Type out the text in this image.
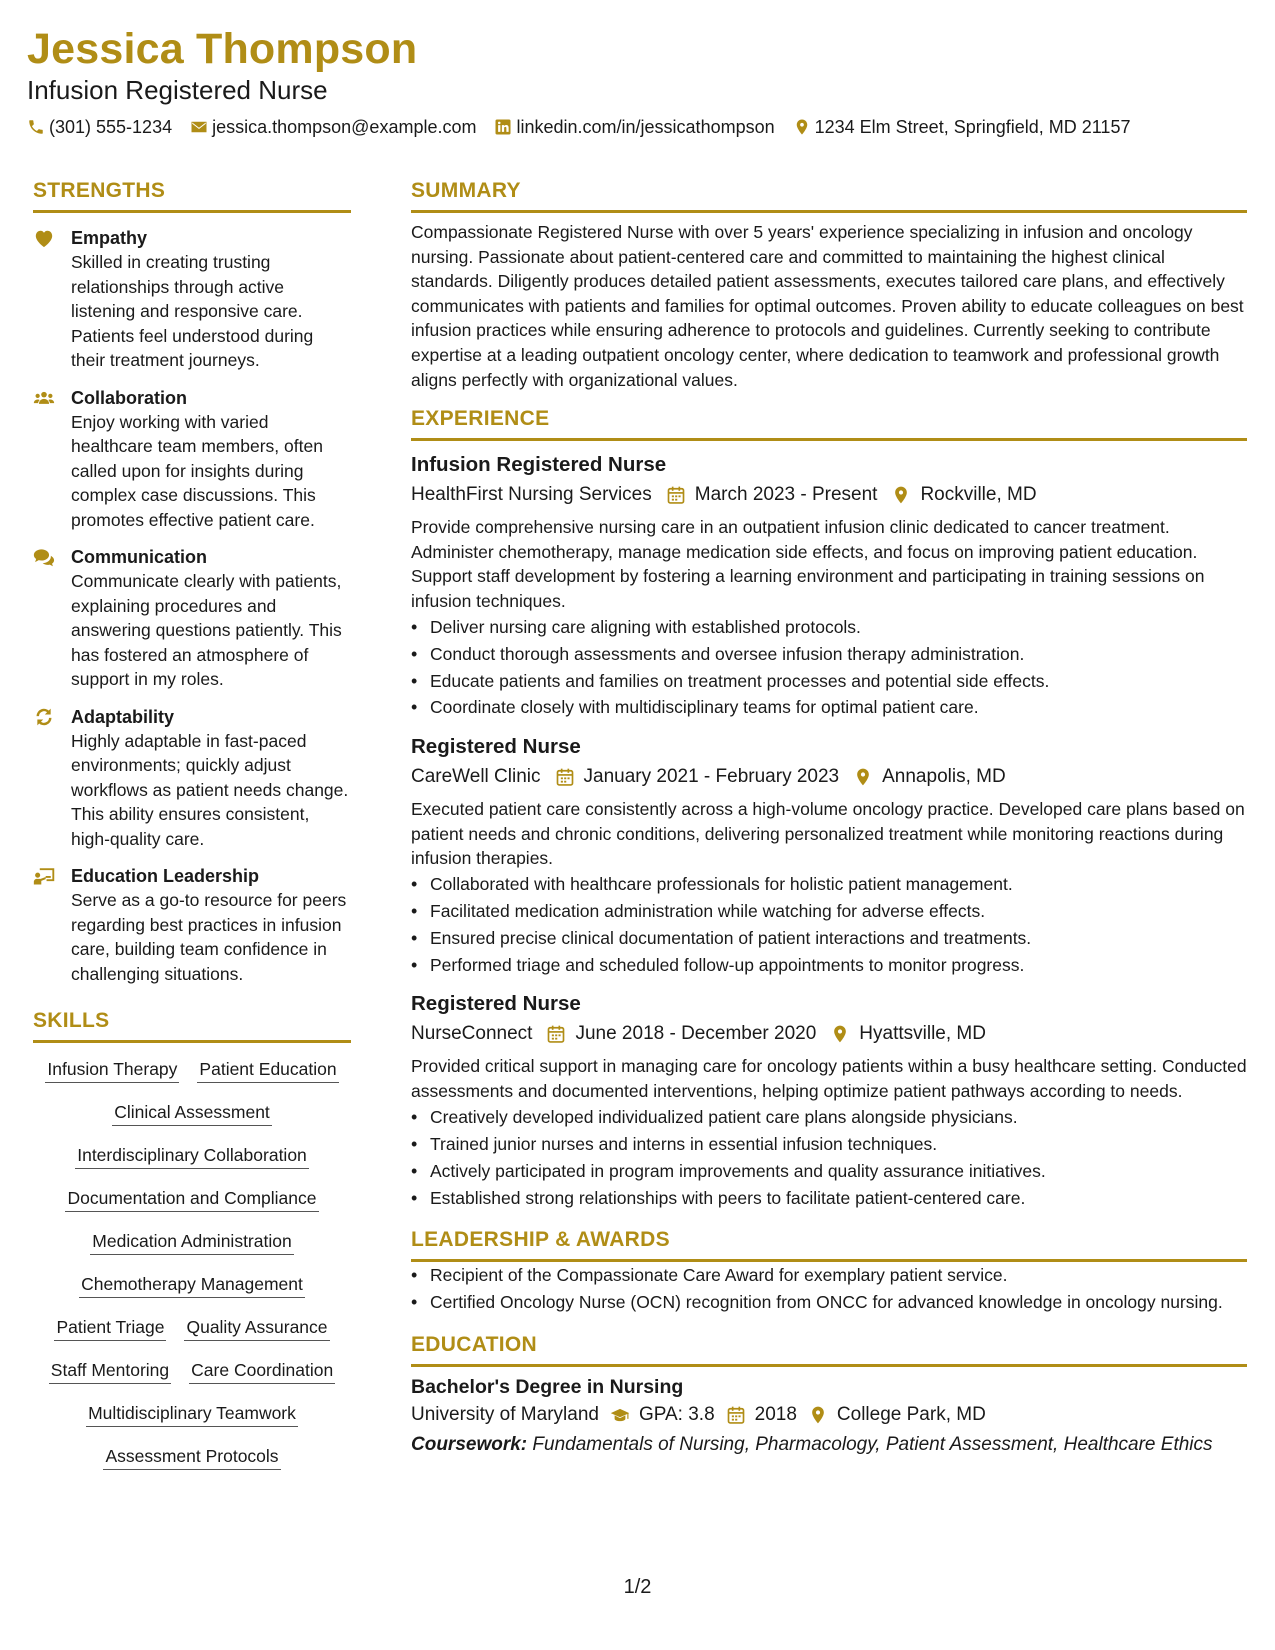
Jessica Thompson
Infusion Registered Nurse
(301) 555-1234 jessica.thompson@example.com linkedin.com/in/jessicathompson 1234 Elm Street, Springfield, MD 21157
STRENGTHS
Empathy
Skilled in creating trusting relationships through active listening and responsive care. Patients feel understood during their treatment journeys.
Collaboration
Enjoy working with varied healthcare team members, often called upon for insights during complex case discussions. This promotes effective patient care.
Communication
Communicate clearly with patients, explaining procedures and answering questions patiently. This has fostered an atmosphere of support in my roles.
Adaptability
Highly adaptable in fast-paced environments; quickly adjust workflows as patient needs change. This ability ensures consistent, high-quality care.
Education Leadership
Serve as a go-to resource for peers regarding best practices in infusion care, building team confidence in challenging situations.
SKILLS
Infusion Therapy Patient Education
Clinical Assessment
Interdisciplinary Collaboration
Documentation and Compliance
Medication Administration
Chemotherapy Management
Patient Triage Quality Assurance
Staff Mentoring Care Coordination
Multidisciplinary Teamwork
Assessment Protocols
SUMMARY
Compassionate Registered Nurse with over 5 years' experience specializing in infusion and oncology nursing. Passionate about patient-centered care and committed to maintaining the highest clinical standards. Diligently produces detailed patient assessments, executes tailored care plans, and effectively communicates with patients and families for optimal outcomes. Proven ability to educate colleagues on best infusion practices while ensuring adherence to protocols and guidelines. Currently seeking to contribute expertise at a leading outpatient oncology center, where dedication to teamwork and professional growth aligns perfectly with organizational values.
EXPERIENCE
Infusion Registered Nurse
HealthFirst Nursing Services March 2023 - Present Rockville, MD
Provide comprehensive nursing care in an outpatient infusion clinic dedicated to cancer treatment. Administer chemotherapy, manage medication side effects, and focus on improving patient education. Support staff development by fostering a learning environment and participating in training sessions on infusion techniques.
• Deliver nursing care aligning with established protocols.
• Conduct thorough assessments and oversee infusion therapy administration.
• Educate patients and families on treatment processes and potential side effects.
• Coordinate closely with multidisciplinary teams for optimal patient care.
Registered Nurse
CareWell Clinic January 2021 - February 2023 Annapolis, MD
Executed patient care consistently across a high-volume oncology practice. Developed care plans based on patient needs and chronic conditions, delivering personalized treatment while monitoring reactions during infusion therapies.
• Collaborated with healthcare professionals for holistic patient management.
• Facilitated medication administration while watching for adverse effects.
• Ensured precise clinical documentation of patient interactions and treatments.
• Performed triage and scheduled follow-up appointments to monitor progress.
Registered Nurse
NurseConnect June 2018 - December 2020 Hyattsville, MD
Provided critical support in managing care for oncology patients within a busy healthcare setting. Conducted assessments and documented interventions, helping optimize patient pathways according to needs.
• Creatively developed individualized patient care plans alongside physicians.
• Trained junior nurses and interns in essential infusion techniques.
• Actively participated in program improvements and quality assurance initiatives.
• Established strong relationships with peers to facilitate patient-centered care.
LEADERSHIP & AWARDS
• Recipient of the Compassionate Care Award for exemplary patient service.
• Certified Oncology Nurse (OCN) recognition from ONCC for advanced knowledge in oncology nursing.
EDUCATION
Bachelor's Degree in Nursing
University of Maryland GPA: 3.8 2018 College Park, MD
Coursework: Fundamentals of Nursing, Pharmacology, Patient Assessment, Healthcare Ethics
1/2
